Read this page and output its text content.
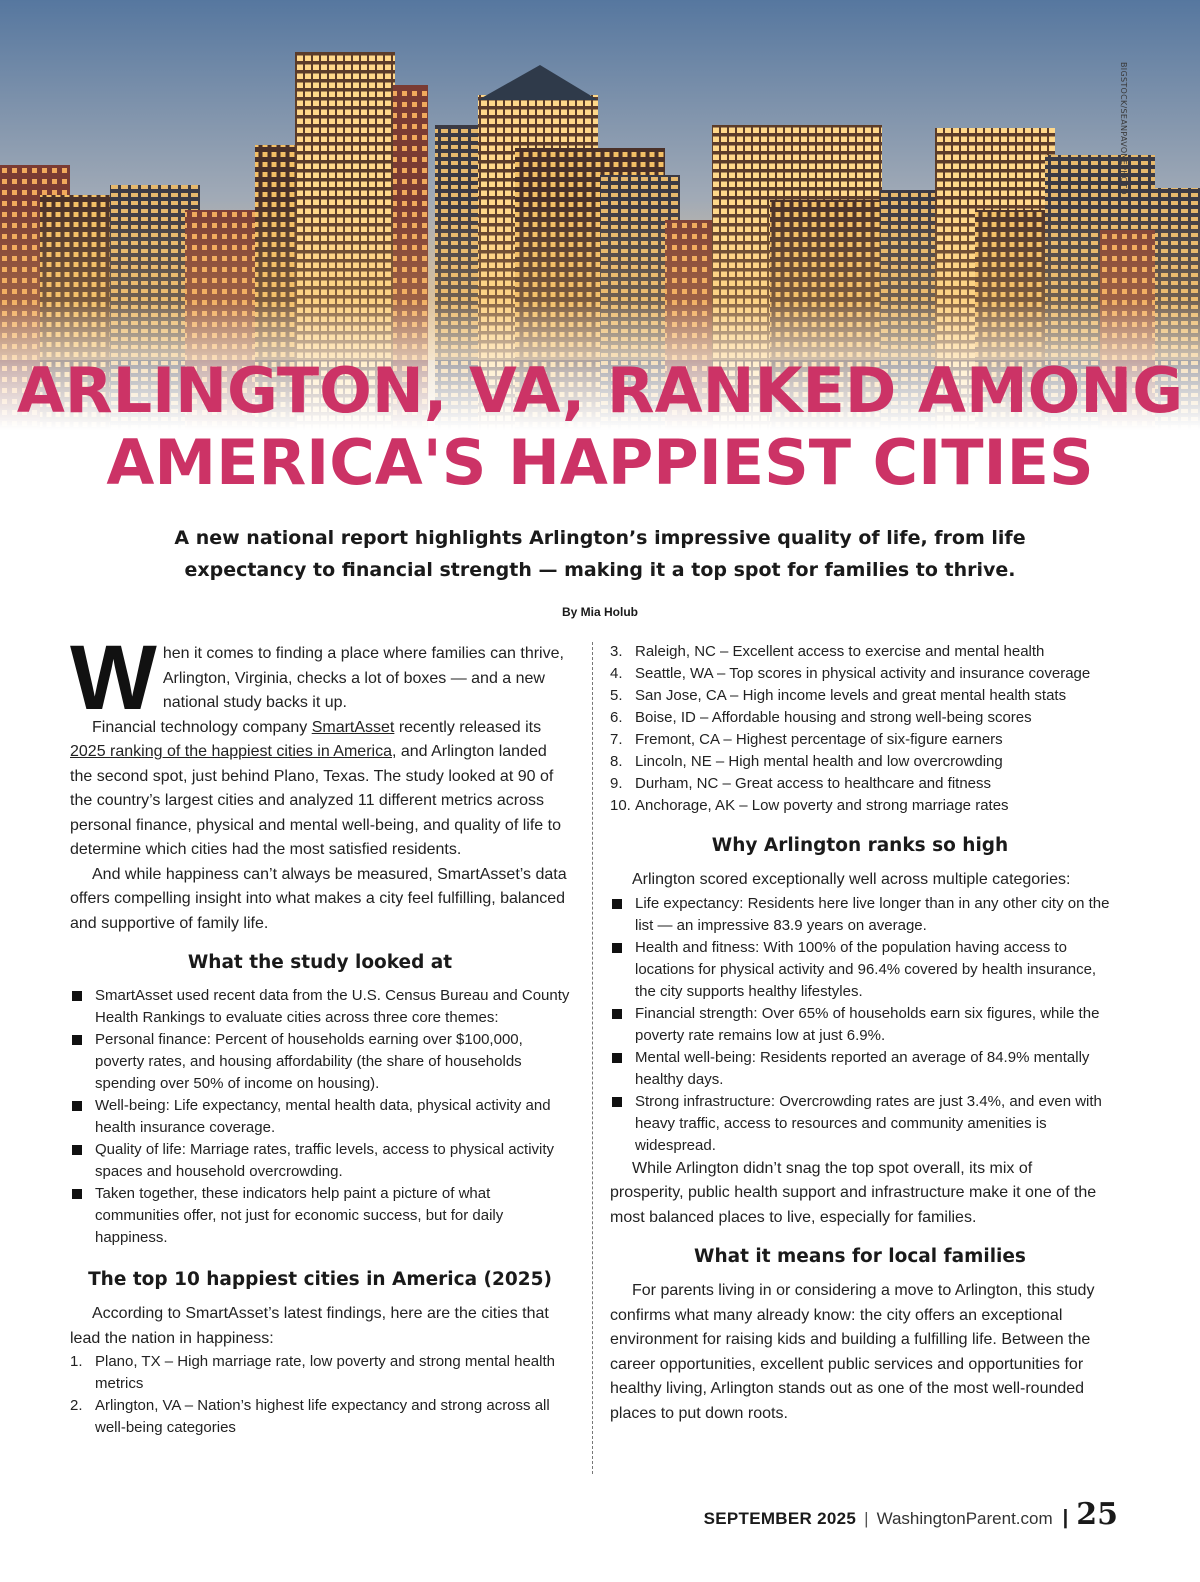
BIGSTOCK/SEANPAVONEPHOTO
ARLINGTON, VA, RANKED AMONG
AMERICA'S HAPPIEST CITIES

A new national report highlights Arlington’s impressive quality of life, from life expectancy to financial strength — making it a top spot for families to thrive.

By Mia Holub

W hen it comes to finding a place where families can thrive, Arlington, Virginia, checks a lot of boxes — and a new national study backs it up.

Financial technology company SmartAsset recently released its 2025 ranking of the happiest cities in America, and Arlington landed the second spot, just behind Plano, Texas. The study looked at 90 of the country’s largest cities and analyzed 11 different metrics across personal finance, physical and mental well-being, and quality of life to determine which cities had the most satisfied residents.

And while happiness can’t always be measured, SmartAsset’s data offers compelling insight into what makes a city feel fulfilling, balanced and supportive of family life.

What the study looked at
SmartAsset used recent data from the U.S. Census Bureau and County Health Rankings to evaluate cities across three core themes:
Personal finance: Percent of households earning over $100,000, poverty rates, and housing affordability (the share of households spending over 50% of income on housing).
Well-being: Life expectancy, mental health data, physical activity and health insurance coverage.
Quality of life: Marriage rates, traffic levels, access to physical activity spaces and household overcrowding.
Taken together, these indicators help paint a picture of what communities offer, not just for economic success, but for daily happiness.
The top 10 happiest cities in America (2025)

According to SmartAsset’s latest findings, here are the cities that lead the nation in happiness:

1. Plano, TX – High marriage rate, low poverty and strong mental health metrics
2. Arlington, VA – Nation’s highest life expectancy and strong across all well-being categories
3. Raleigh, NC – Excellent access to exercise and mental health
4. Seattle, WA – Top scores in physical activity and insurance coverage
5. San Jose, CA – High income levels and great mental health stats
6. Boise, ID – Affordable housing and strong well-being scores
7. Fremont, CA – Highest percentage of six-figure earners
8. Lincoln, NE – High mental health and low overcrowding
9. Durham, NC – Great access to healthcare and fitness
10. Anchorage, AK – Low poverty and strong marriage rates
Why Arlington ranks so high

Arlington scored exceptionally well across multiple categories:

Life expectancy: Residents here live longer than in any other city on the list — an impressive 83.9 years on average.
Health and fitness: With 100% of the population having access to locations for physical activity and 96.4% covered by health insurance, the city supports healthy lifestyles.
Financial strength: Over 65% of households earn six figures, while the poverty rate remains low at just 6.9%.
Mental well-being: Residents reported an average of 84.9% mentally healthy days.
Strong infrastructure: Overcrowding rates are just 3.4%, and even with heavy traffic, access to resources and community amenities is widespread.

While Arlington didn’t snag the top spot overall, its mix of prosperity, public health support and infrastructure make it one of the most balanced places to live, especially for families.

What it means for local families

For parents living in or considering a move to Arlington, this study confirms what many already know: the city offers an exceptional environment for raising kids and building a fulfilling life. Between the career opportunities, excellent public services and opportunities for healthy living, Arlington stands out as one of the most well-rounded places to put down roots.

SEPTEMBER 2025 | WashingtonParent.com | 25
